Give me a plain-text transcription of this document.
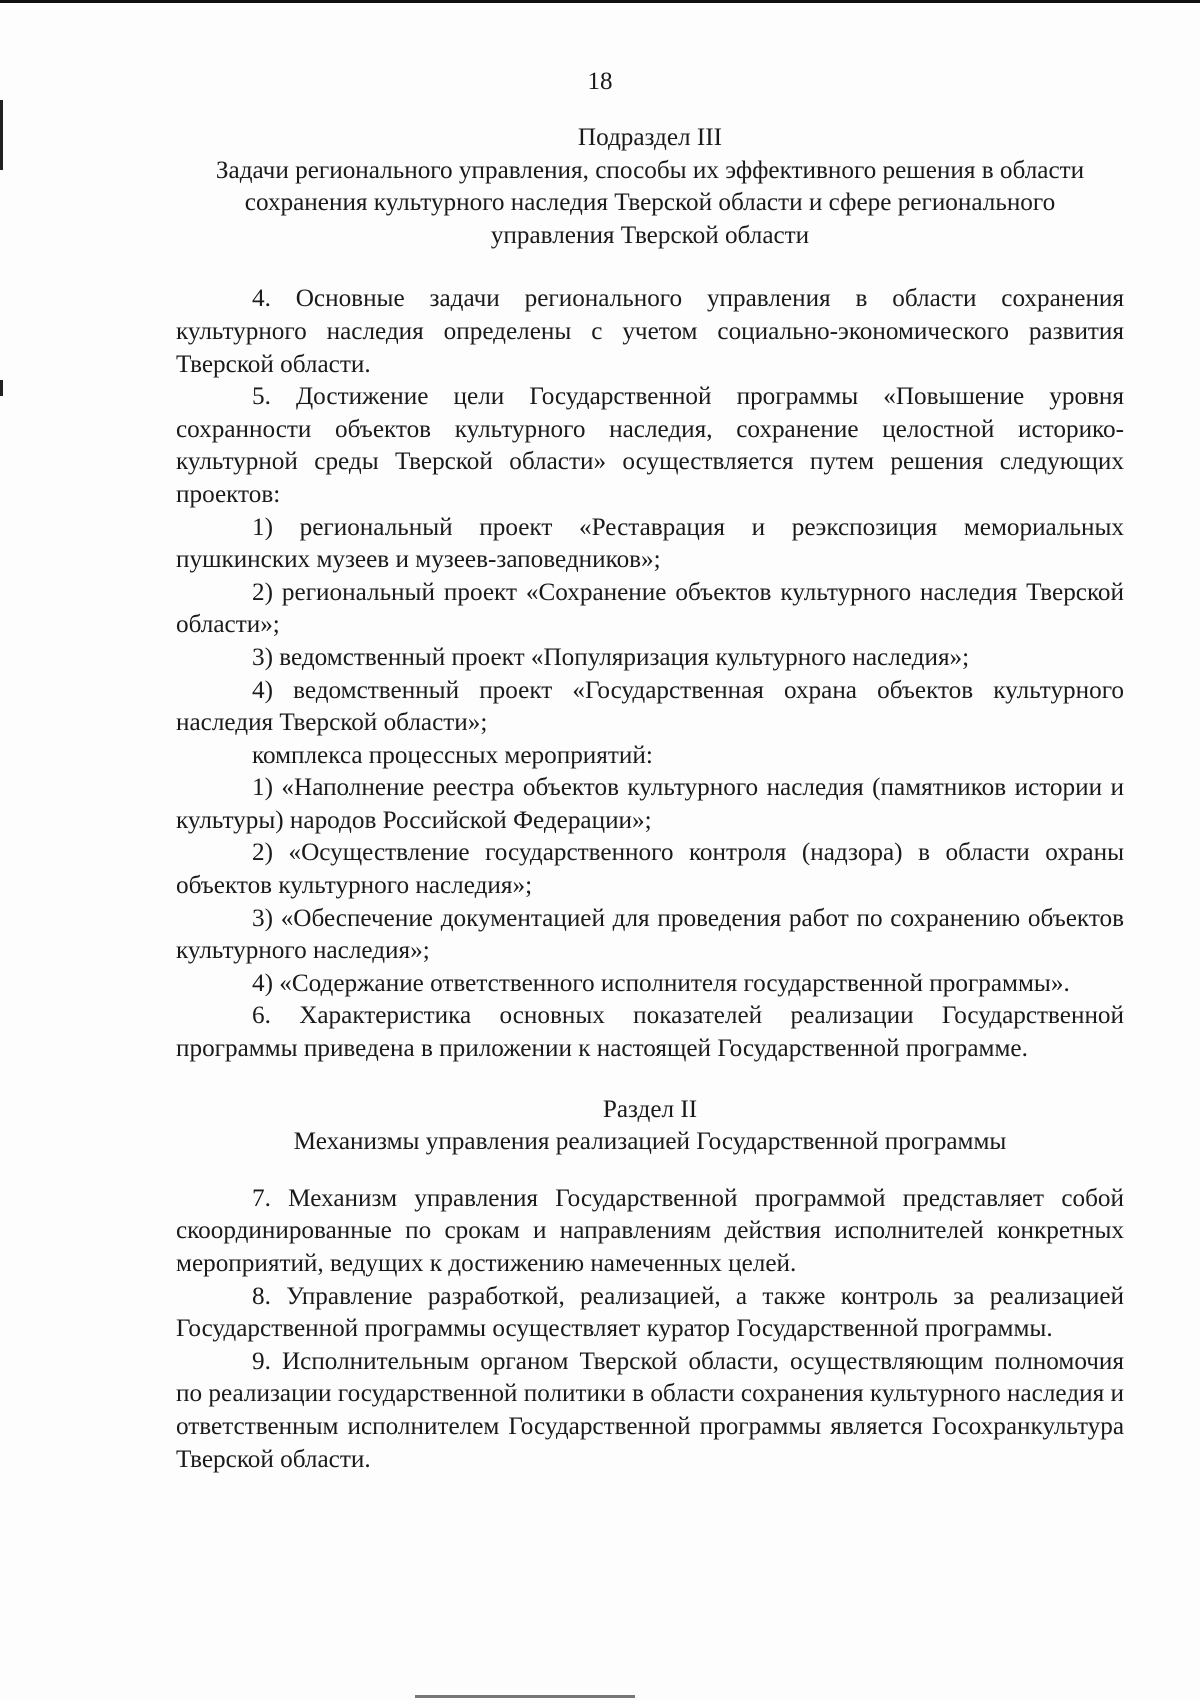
18
Подраздел III
Задачи регионального управления, способы их эффективного решения в области сохранения культурного наследия Тверской области и сфере регионального управления Тверской области

4. Основные задачи регионального управления в области сохранения культурного наследия определены с учетом социально-экономического развития Тверской области.

5. Достижение цели Государственной программы «Повышение уровня сохранности объектов культурного наследия, сохранение целостной историко-культурной среды Тверской области» осуществляется путем решения следующих проектов:

1) региональный проект «Реставрация и реэкспозиция мемориальных пушкинских музеев и музеев-заповедников»;

2) региональный проект «Сохранение объектов культурного наследия Тверской области»;

3) ведомственный проект «Популяризация культурного наследия»;

4) ведомственный проект «Государственная охрана объектов культурного наследия Тверской области»;

комплекса процессных мероприятий:

1) «Наполнение реестра объектов культурного наследия (памятников истории и культуры) народов Российской Федерации»;

2) «Осуществление государственного контроля (надзора) в области охраны объектов культурного наследия»;

3) «Обеспечение документацией для проведения работ по сохранению объектов культурного наследия»;

4) «Содержание ответственного исполнителя государственной программы».

6. Характеристика основных показателей реализации Государственной программы приведена в приложении к настоящей Государственной программе.

Раздел II
Механизмы управления реализацией Государственной программы

7. Механизм управления Государственной программой представляет собой скоординированные по срокам и направлениям действия исполнителей конкретных мероприятий, ведущих к достижению намеченных целей.

8. Управление разработкой, реализацией, а также контроль за реализацией Государственной программы осуществляет куратор Государственной программы.

9. Исполнительным органом Тверской области, осуществляющим полномочия по реализации государственной политики в области сохранения культурного наследия и ответственным исполнителем Государственной программы является Госохранкультура Тверской области.
